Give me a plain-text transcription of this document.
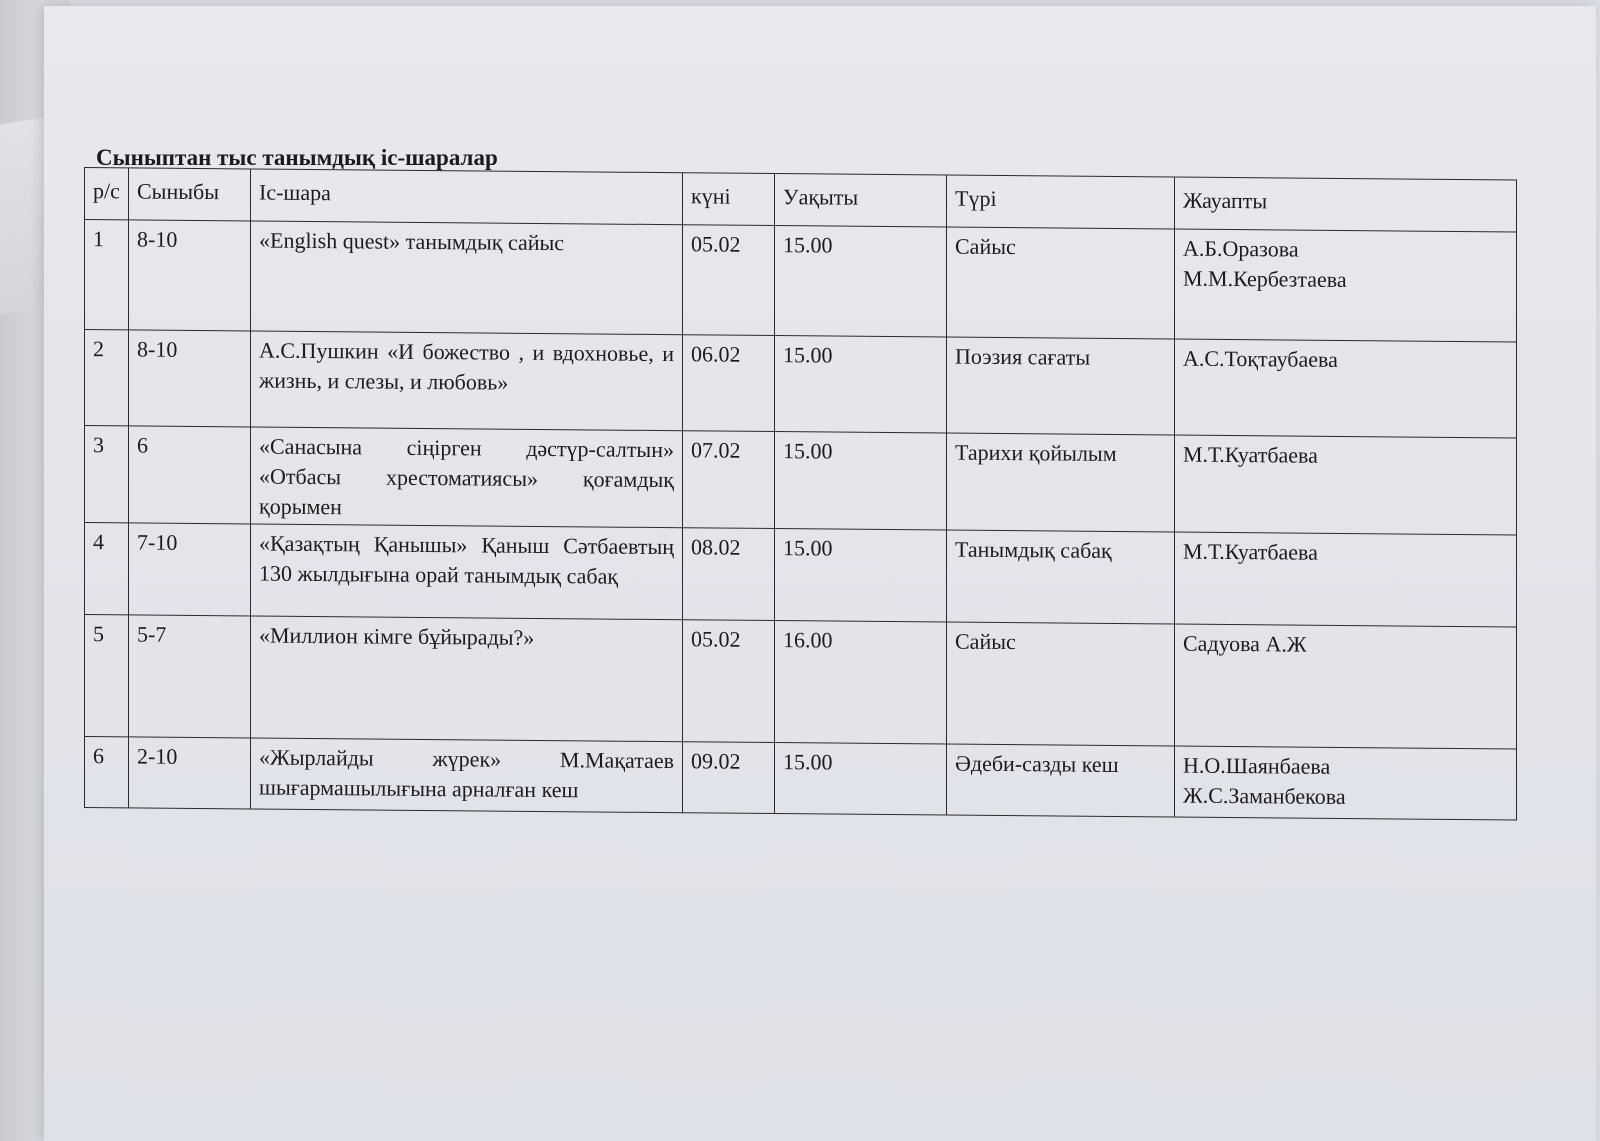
Сыныптан тыс танымдық іс-шаралар
р/с	Сыныбы	Іс-шара	күні	Уақыты	Түрі	Жауапты
1	8-10	«English quest» танымдық сайыс	05.02	15.00	Сайыс	А.Б.Оразова
М.М.Кербезтаева

2	8-10	А.С.Пушкин «И божество , и вдохновье, и жизнь, и слезы, и любовь»	06.02	15.00	Поэзия сағаты	А.С.Тоқтаубаева

3	6	«Санасына сіңірген дәстүр-салтын» «Отбасы хрестоматиясы» қоғамдық қорымен	07.02	15.00	Тарихи қойылым	М.Т.Куатбаева

4	7-10	«Қазақтың Қанышы» Қаныш Сәтбаевтың 130 жылдығына орай танымдық сабақ	08.02	15.00	Танымдық сабақ	М.Т.Куатбаева

5	5-7	«Миллион кімге бұйырады?»	05.02	16.00	Сайыс	Садуова А.Ж

6	2-10	«Жырлайды жүрек» М.Мақатаев шығармашылығына арналған кеш	09.02	15.00	Әдеби-сазды кеш	Н.О.Шаянбаева
Ж.С.Заманбекова
